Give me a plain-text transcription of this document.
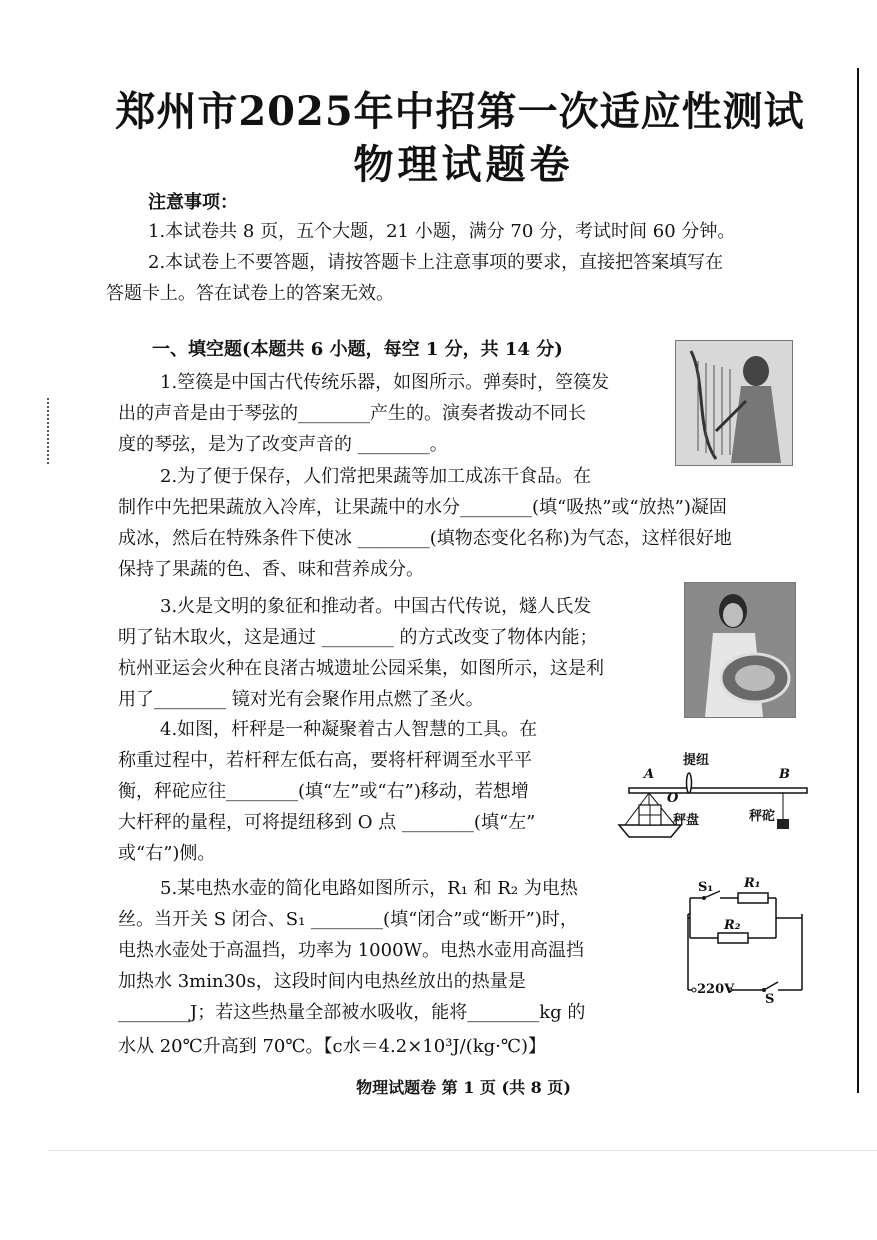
郑州市2025年中招第一次适应性测试
物理试题卷
注意事项：
1.本试卷共 8 页，五个大题，21 小题，满分 70 分，考试时间 60 分钟。
2.本试卷上不要答题，请按答题卡上注意事项的要求，直接把答案填写在
答题卡上。答在试卷上的答案无效。
一、填空题(本题共 6 小题，每空 1 分，共 14 分)
1.箜篌是中国古代传统乐器，如图所示。弹奏时，箜篌发
出的声音是由于琴弦的________产生的。演奏者拨动不同长
度的琴弦，是为了改变声音的 ________。
2.为了便于保存，人们常把果蔬等加工成冻干食品。在
制作中先把果蔬放入冷库，让果蔬中的水分________(填“吸热”或“放热”)凝固
成冰，然后在特殊条件下使冰 ________(填物态变化名称)为气态，这样很好地
保持了果蔬的色、香、味和营养成分。
3.火是文明的象征和推动者。中国古代传说，燧人氏发
明了钻木取火，这是通过 ________ 的方式改变了物体内能；
杭州亚运会火种在良渚古城遗址公园采集，如图所示，这是利
用了________ 镜对光有会聚作用点燃了圣火。
4.如图，杆秤是一种凝聚着古人智慧的工具。在
称重过程中，若杆秤左低右高，要将杆秤调至水平平
衡，秤砣应往________(填“左”或“右”)移动，若想增
大杆秤的量程，可将提纽移到 O 点 ________(填“左”
或“右”)侧。
提纽
A
O
B
秤盘	秤砣
5.某电热水壶的简化电路如图所示，R₁ 和 R₂ 为电热
丝。当开关 S 闭合、S₁ ________(填“闭合”或“断开”)时，
电热水壶处于高温挡，功率为 1000W。电热水壶用高温挡
加热水 3min30s，这段时间内电热丝放出的热量是
________J；若这些热量全部被水吸收，能将________kg 的
水从 20℃升高到 70℃。【c水＝4.2×10³J/(kg·℃)】
S₁ R₁
R₂
220V
S
物理试题卷 第 1 页 (共 8 页)
